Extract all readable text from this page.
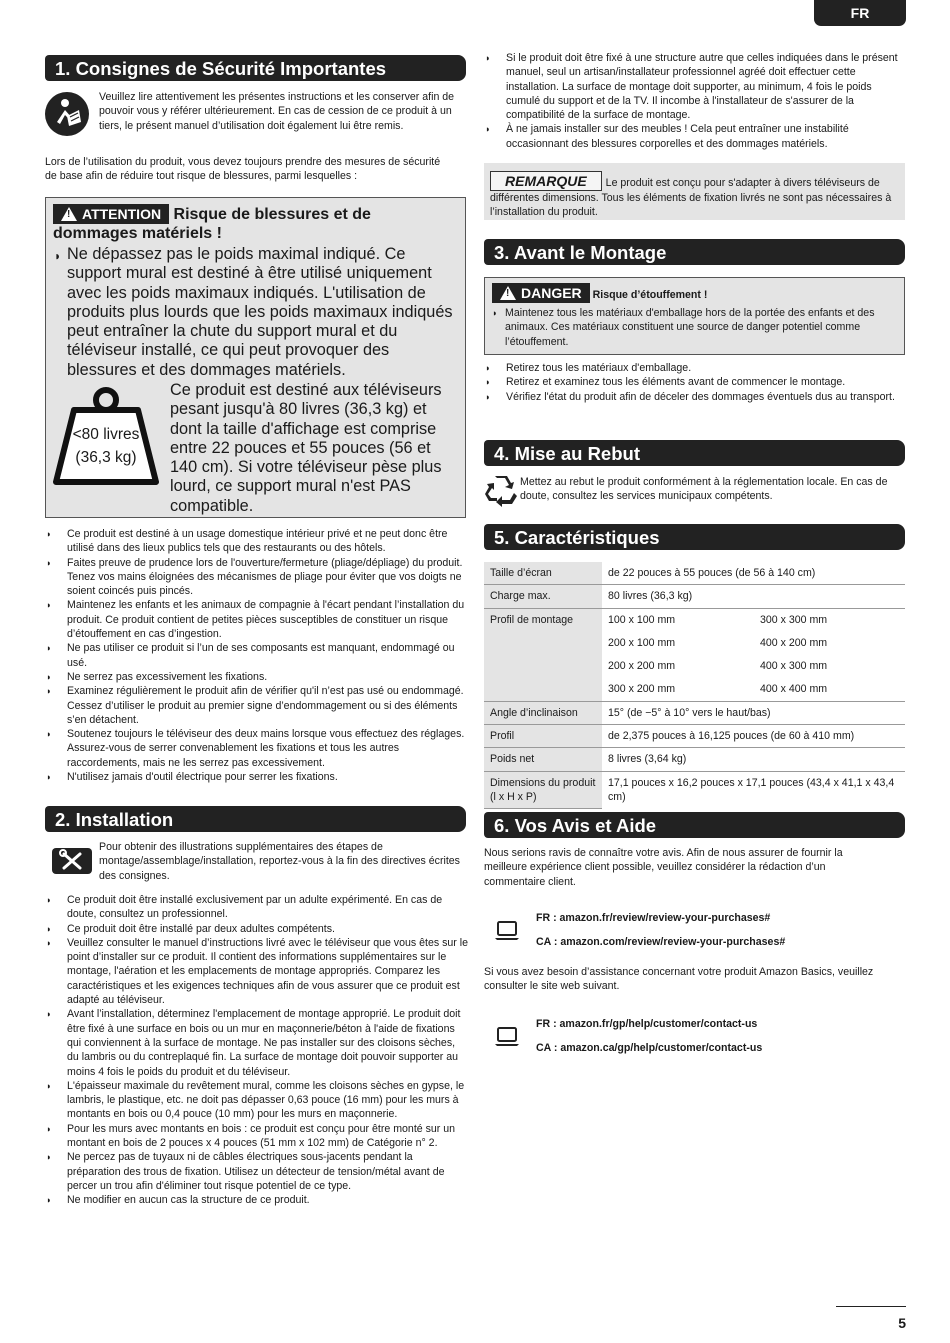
FR
1. Consignes de Sécurité Importantes
Veuillez lire attentivement les présentes instructions et les conserver afin de pouvoir vous y référer ultérieurement. En cas de cession de ce produit à un tiers, le présent manuel d’utilisation doit également lui être remis.
Lors de l’utilisation du produit, vous devez toujours prendre des mesures de sécurité de base afin de réduire tout risque de blessures, parmi lesquelles :
!ATTENTION Risque de blessures et de dommages matériels !
◗ Ne dépassez pas le poids maximal indiqué. Ce support mural est destiné à être utilisé uniquement avec les poids maximaux indiqués. L'utilisation de produits plus lourds que les poids maximaux indiqués peut entraîner la chute du support mural et du téléviseur installé, ce qui peut provoquer des blessures et des dommages matériels.
<80 livres
(36,3 kg)
Ce produit est destiné aux téléviseurs pesant jusqu'à 80 livres (36,3 kg) et dont la taille d'affichage est comprise entre 22 pouces et 55 pouces (56 et 140 cm). Si votre téléviseur pèse plus lourd, ce support mural n'est PAS compatible.
◗ Ce produit est destiné à un usage domestique intérieur privé et ne peut donc être utilisé dans des lieux publics tels que des restaurants ou des hôtels.
◗ Faites preuve de prudence lors de l'ouverture/fermeture (pliage/dépliage) du produit. Tenez vos mains éloignées des mécanismes de pliage pour éviter que vos doigts ne soient coincés puis pincés.
◗ Maintenez les enfants et les animaux de compagnie à l'écart pendant l’installation du produit. Ce produit contient de petites pièces susceptibles de constituer un risque d’étouffement en cas d’ingestion.
◗ Ne pas utiliser ce produit si l’un de ses composants est manquant, endommagé ou usé.
◗ Ne serrez pas excessivement les fixations.
◗ Examinez régulièrement le produit afin de vérifier qu'il n’est pas usé ou endommagé. Cessez d’utiliser le produit au premier signe d’endommagement ou si des éléments s’en détachent.
◗ Soutenez toujours le téléviseur des deux mains lorsque vous effectuez des réglages. Assurez-vous de serrer convenablement les fixations et tous les autres raccordements, mais ne les serrez pas excessivement.
◗ N'utilisez jamais d'outil électrique pour serrer les fixations.
2. Installation
Pour obtenir des illustrations supplémentaires des étapes de montage/assemblage/installation, reportez-vous à la fin des directives écrites des consignes.
◗ Ce produit doit être installé exclusivement par un adulte expérimenté. En cas de doute, consultez un professionnel.
◗ Ce produit doit être installé par deux adultes compétents.
◗ Veuillez consulter le manuel d’instructions livré avec le téléviseur que vous êtes sur le point d’installer sur ce produit. Il contient des informations supplémentaires sur le montage, l'aération et les emplacements de montage appropriés. Comparez les caractéristiques et les exigences techniques afin de vous assurer que ce produit est adapté au téléviseur.
◗ Avant l’installation, déterminez l'emplacement de montage approprié. Le produit doit être fixé à une surface en bois ou un mur en maçonnerie/béton à l'aide de fixations qui conviennent à la surface de montage. Ne pas installer sur des cloisons sèches, du lambris ou du contreplaqué fin. La surface de montage doit pouvoir supporter au moins 4 fois le poids du produit et du téléviseur.
◗ L'épaisseur maximale du revêtement mural, comme les cloisons sèches en gypse, le lambris, le plastique, etc. ne doit pas dépasser 0,63 pouce (16 mm) pour les murs à montants en bois ou 0,4 pouce (10 mm) pour les murs en maçonnerie.
◗ Pour les murs avec montants en bois : ce produit est conçu pour être monté sur un montant en bois de 2 pouces x 4 pouces (51 mm x 102 mm) de Catégorie n° 2.
◗ Ne percez pas de tuyaux ni de câbles électriques sous-jacents pendant la préparation des trous de fixation. Utilisez un détecteur de tension/métal avant de percer un trou afin d'éliminer tout risque potentiel de ce type.
◗ Ne modifier en aucun cas la structure de ce produit.
◗ Si le produit doit être fixé à une structure autre que celles indiquées dans le présent manuel, seul un artisan/installateur professionnel agréé doit effectuer cette installation. La surface de montage doit supporter, au minimum, 4 fois le poids cumulé du support et de la TV. Il incombe à l'installateur de s'assurer de la compatibilité de la surface de montage.
◗ À ne jamais installer sur des meubles ! Cela peut entraîner une instabilité occasionnant des blessures corporelles et des dommages matériels.
REMARQUE Le produit est conçu pour s'adapter à divers téléviseurs de différentes dimensions. Tous les éléments de fixation livrés ne sont pas nécessaires à l’installation du produit.
3. Avant le Montage
!DANGER Risque d’étouffement !
◗ Maintenez tous les matériaux d'emballage hors de la portée des enfants et des animaux. Ces matériaux constituent une source de danger potentiel comme l’étouffement.
◗ Retirez tous les matériaux d'emballage.
◗ Retirez et examinez tous les éléments avant de commencer le montage.
◗ Vérifiez l'état du produit afin de déceler des dommages éventuels dus au transport.
4. Mise au Rebut
Mettez au rebut le produit conformément à la réglementation locale. En cas de doute, consultez les services municipaux compétents.
5. Caractéristiques
Taille d’écran	de 22 pouces à 55 pouces (de 56 à 140 cm)	
Charge max.	80 livres (36,3 kg)	
Profil de montage	100 x 100 mm	300 x 300 mm
	200 x 100 mm	400 x 200 mm
	200 x 200 mm	400 x 300 mm
	300 x 200 mm	400 x 400 mm
Angle d’inclinaison	15° (de −5° à 10° vers le haut/bas)	
Profil	de 2,375 pouces à 16,125 pouces (de 60 à 410 mm)	
Poids net	8 livres (3,64 kg)	
Dimensions du produit (l x H x P)	17,1 pouces x 16,2 pouces x 17,1 pouces (43,4 x 41,1 x 43,4 cm)	
6. Vos Avis et Aide
Nous serions ravis de connaître votre avis. Afin de nous assurer de fournir la meilleure expérience client possible, veuillez considérer la rédaction d’un commentaire client.
FR : amazon.fr/review/review-your-purchases#
CA : amazon.com/review/review-your-purchases#
Si vous avez besoin d’assistance concernant votre produit Amazon Basics, veuillez consulter le site web suivant.
FR : amazon.fr/gp/help/customer/contact-us
CA : amazon.ca/gp/help/customer/contact-us
5
